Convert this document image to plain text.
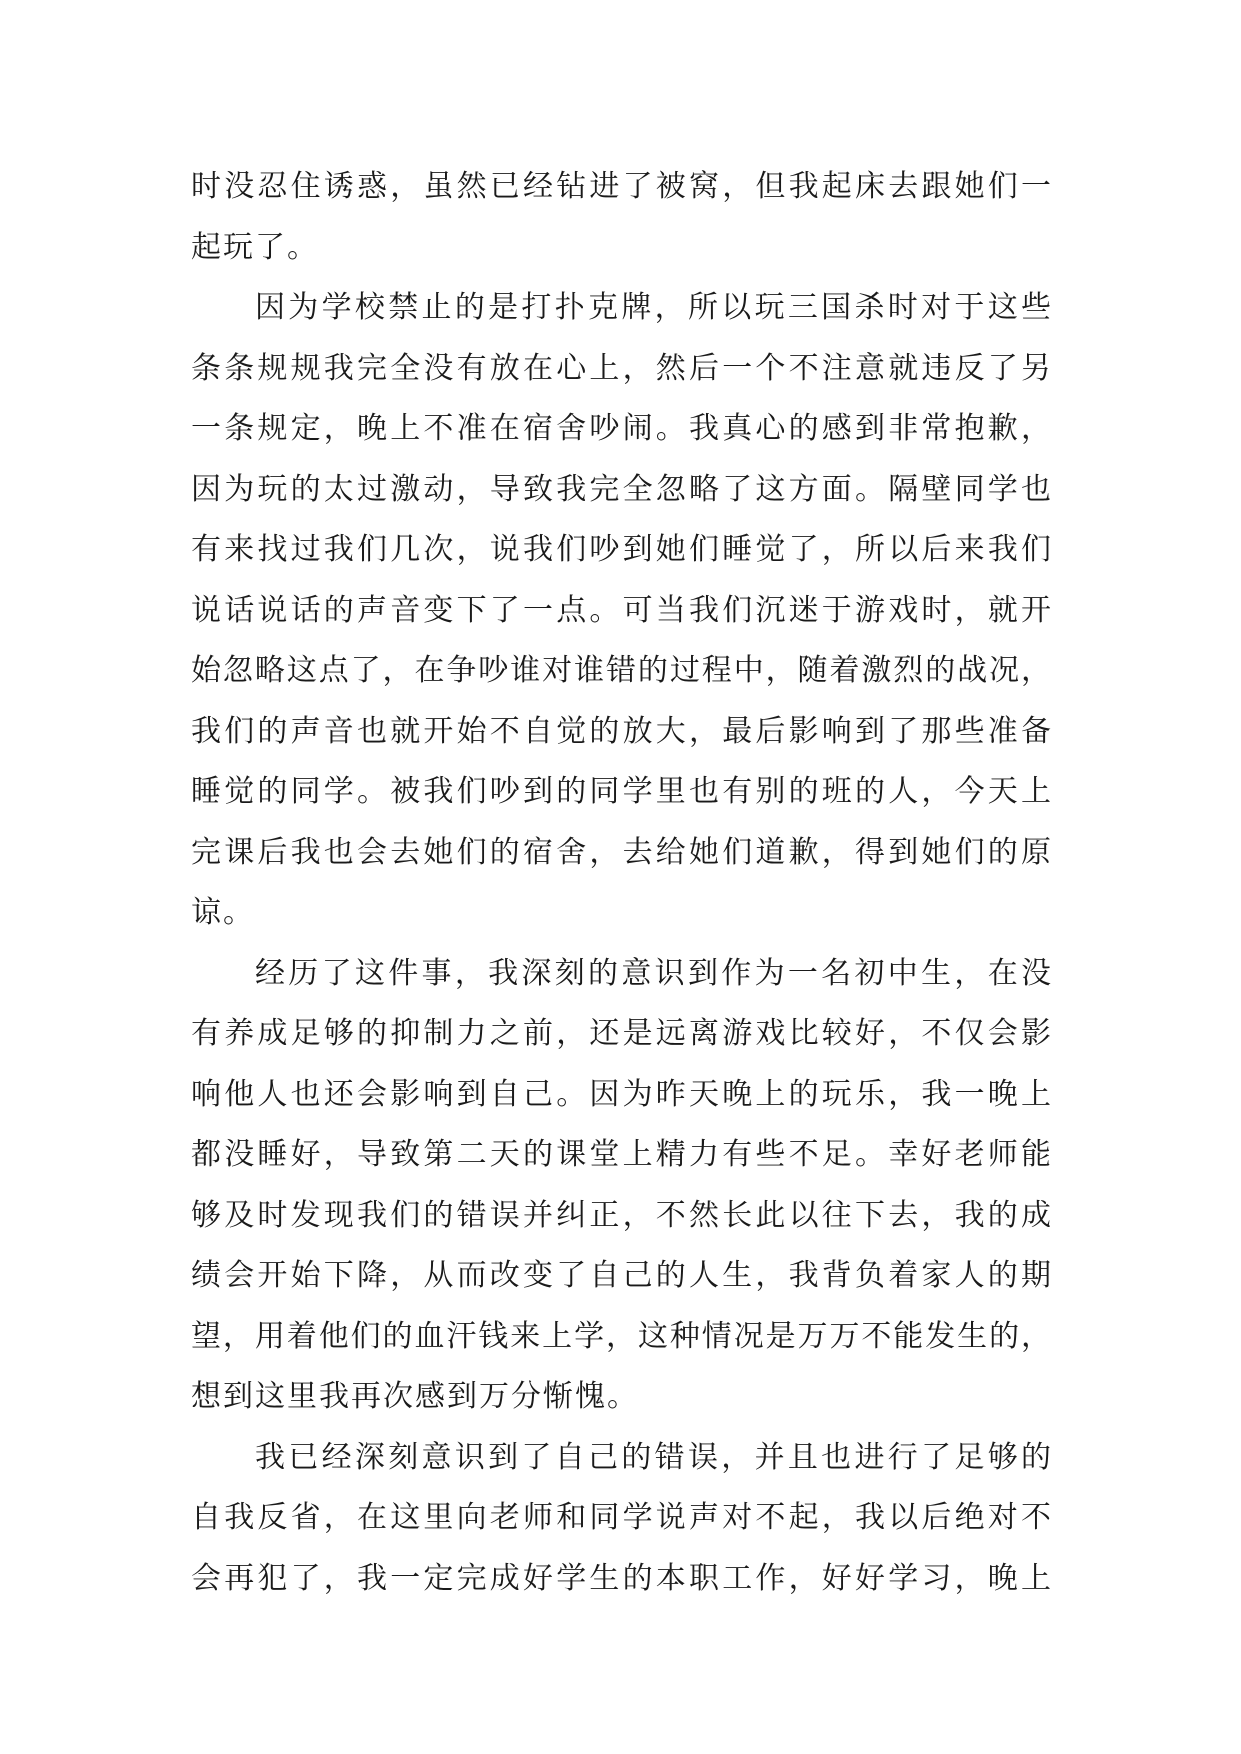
时没忍住诱惑，虽然已经钻进了被窝，但我起床去跟她们一
起玩了。
因为学校禁止的是打扑克牌，所以玩三国杀时对于这些
条条规规我完全没有放在心上，然后一个不注意就违反了另
一条规定，晚上不准在宿舍吵闹。我真心的感到非常抱歉，
因为玩的太过激动，导致我完全忽略了这方面。隔壁同学也
有来找过我们几次，说我们吵到她们睡觉了，所以后来我们
说话说话的声音变下了一点。可当我们沉迷于游戏时，就开
始忽略这点了，在争吵谁对谁错的过程中，随着激烈的战况，
我们的声音也就开始不自觉的放大，最后影响到了那些准备
睡觉的同学。被我们吵到的同学里也有别的班的人，今天上
完课后我也会去她们的宿舍，去给她们道歉，得到她们的原
谅。
经历了这件事，我深刻的意识到作为一名初中生，在没
有养成足够的抑制力之前，还是远离游戏比较好，不仅会影
响他人也还会影响到自己。因为昨天晚上的玩乐，我一晚上
都没睡好，导致第二天的课堂上精力有些不足。幸好老师能
够及时发现我们的错误并纠正，不然长此以往下去，我的成
绩会开始下降，从而改变了自己的人生，我背负着家人的期
望，用着他们的血汗钱来上学，这种情况是万万不能发生的，
想到这里我再次感到万分惭愧。
我已经深刻意识到了自己的错误，并且也进行了足够的
自我反省，在这里向老师和同学说声对不起，我以后绝对不
会再犯了，我一定完成好学生的本职工作，好好学习，晚上
